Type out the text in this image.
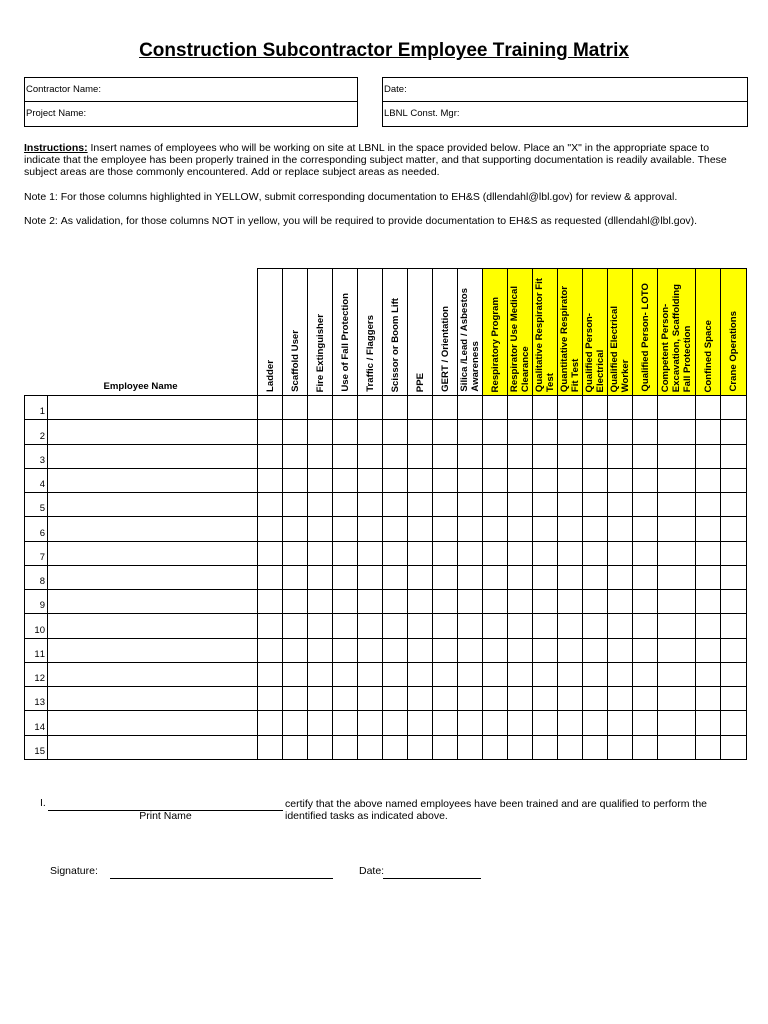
Construction Subcontractor Employee Training Matrix
Contractor Name:
Project Name:
Date:
LBNL Const. Mgr:
Instructions: Insert names of employees who will be working on site at LBNL in the space provided below. Place an "X" in the appropriate space to indicate that the employee has been properly trained in the corresponding subject matter, and that supporting documentation is readily available. These subject areas are those commonly encountered. Add or replace subject areas as needed.
Note 1: For those columns highlighted in YELLOW, submit corresponding documentation to EH&S (dllendahl@lbl.gov) for review & approval.
Note 2: As validation, for those columns NOT in yellow, you will be required to provide documentation to EH&S as requested (dllendahl@lbl.gov).
Employee Name	Ladder Scaffold User Fire Extinguisher Use of Fall Protection Traffic / Flaggers Scissor or Boom Lift PPE GERT / Orientation Silica /Lead / Asbestos
Awareness Respiratory Program Respirator Use Medical
Clearance Qualitative Respirator Fit
Test Quantitative Respirator
Fit Test Qualified Person-
Electrical Qualified Electrical
Worker Qualified Person- LOTO Competent Person-
Excavation, Scaffolding
Fall Protection Confined Space Crane Operations
1
2
3
4
5
6
7
8
9
10
11
12
13
14
15
I.
Print Name
certify that the above named employees have been trained and are qualified to perform the identified tasks as indicated above.
Signature:	Date:
